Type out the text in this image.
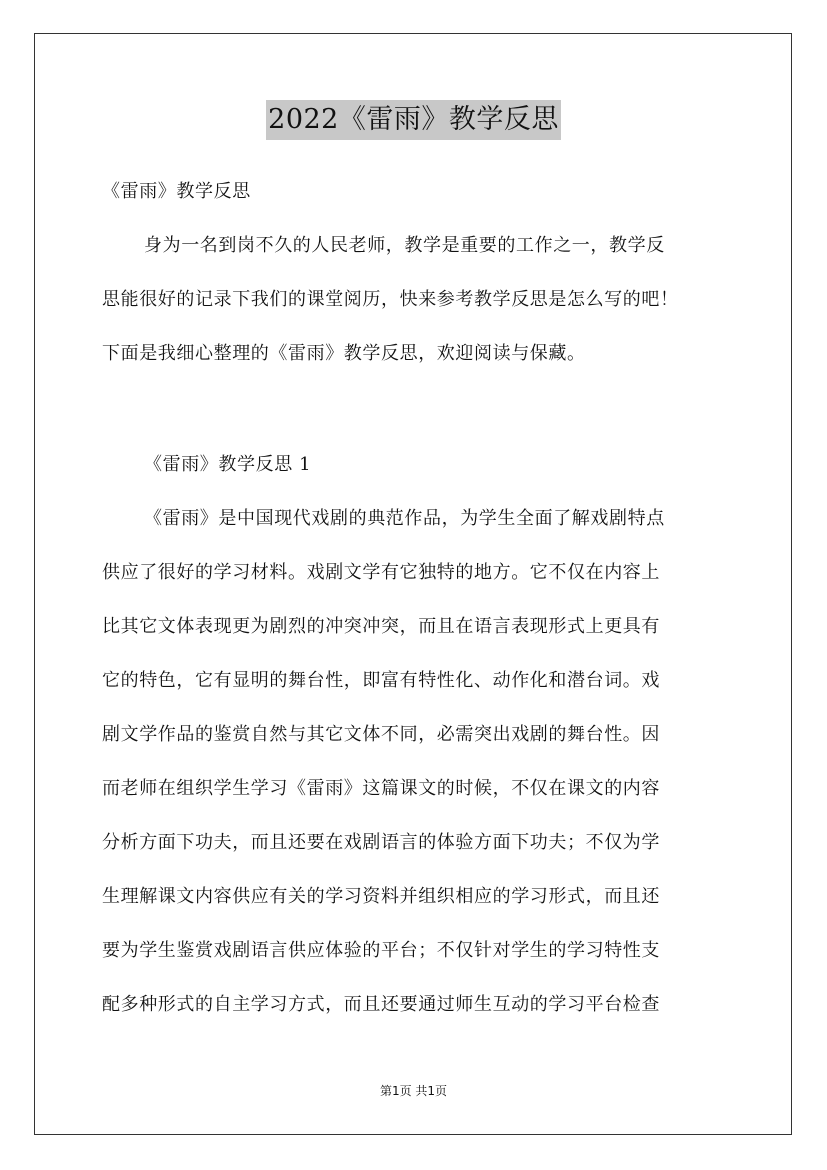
2022《雷雨》教学反思
《雷雨》教学反思
身为一名到岗不久的人民老师，教学是重要的工作之一，教学反
思能很好的记录下我们的课堂阅历，快来参考教学反思是怎么写的吧！
下面是我细心整理的《雷雨》教学反思，欢迎阅读与保藏。
《雷雨》教学反思 1
《雷雨》是中国现代戏剧的典范作品，为学生全面了解戏剧特点
供应了很好的学习材料。戏剧文学有它独特的地方。它不仅在内容上
比其它文体表现更为剧烈的冲突冲突，而且在语言表现形式上更具有
它的特色，它有显明的舞台性，即富有特性化、动作化和潜台词。戏
剧文学作品的鉴赏自然与其它文体不同，必需突出戏剧的舞台性。因
而老师在组织学生学习《雷雨》这篇课文的时候，不仅在课文的内容
分析方面下功夫，而且还要在戏剧语言的体验方面下功夫；不仅为学
生理解课文内容供应有关的学习资料并组织相应的学习形式，而且还
要为学生鉴赏戏剧语言供应体验的平台；不仅针对学生的学习特性支
配多种形式的自主学习方式，而且还要通过师生互动的学习平台检查
第1页 共1页
